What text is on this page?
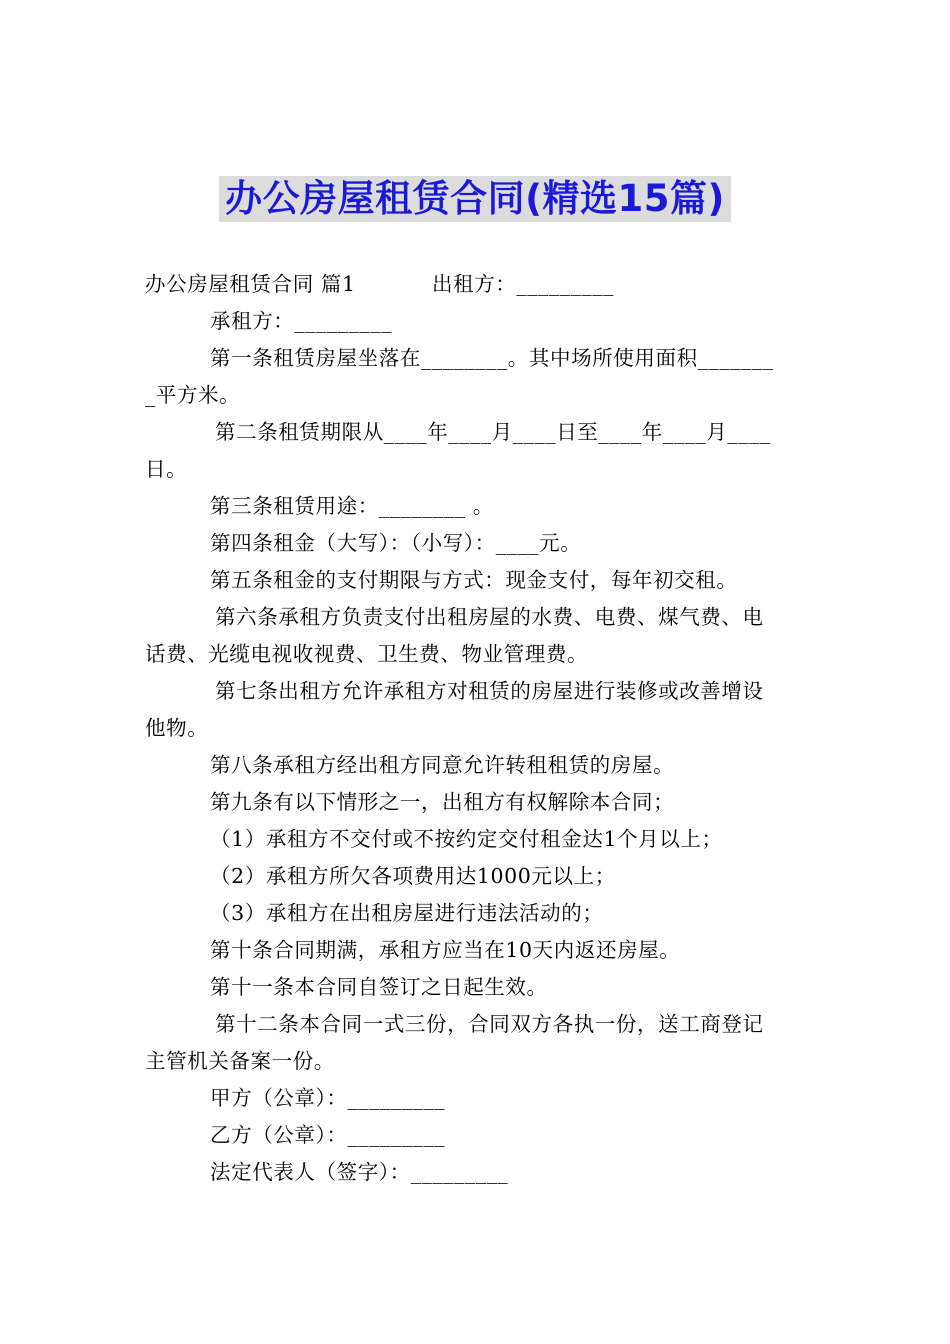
办公房屋租赁合同(精选15篇)
办公房屋租赁合同 篇1	出租方：_________
承租方：_________
第一条租赁房屋坐落在________。其中场所使用面积_______
_平方米。
第二条租赁期限从____年____月____日至____年____月____
日。
第三条租赁用途：________ 。
第四条租金（大写）：（小写）：____元。
第五条租金的支付期限与方式：现金支付，每年初交租。
第六条承租方负责支付出租房屋的水费、电费、煤气费、电
话费、光缆电视收视费、卫生费、物业管理费。
第七条出租方允许承租方对租赁的房屋进行装修或改善增设
他物。
第八条承租方经出租方同意允许转租租赁的房屋。
第九条有以下情形之一，出租方有权解除本合同；
（1）承租方不交付或不按约定交付租金达1个月以上；
（2）承租方所欠各项费用达1000元以上；
（3）承租方在出租房屋进行违法活动的；
第十条合同期满，承租方应当在10天内返还房屋。
第十一条本合同自签订之日起生效。
第十二条本合同一式三份，合同双方各执一份，送工商登记
主管机关备案一份。
甲方（公章）：_________
乙方（公章）：_________
法定代表人（签字）：_________
